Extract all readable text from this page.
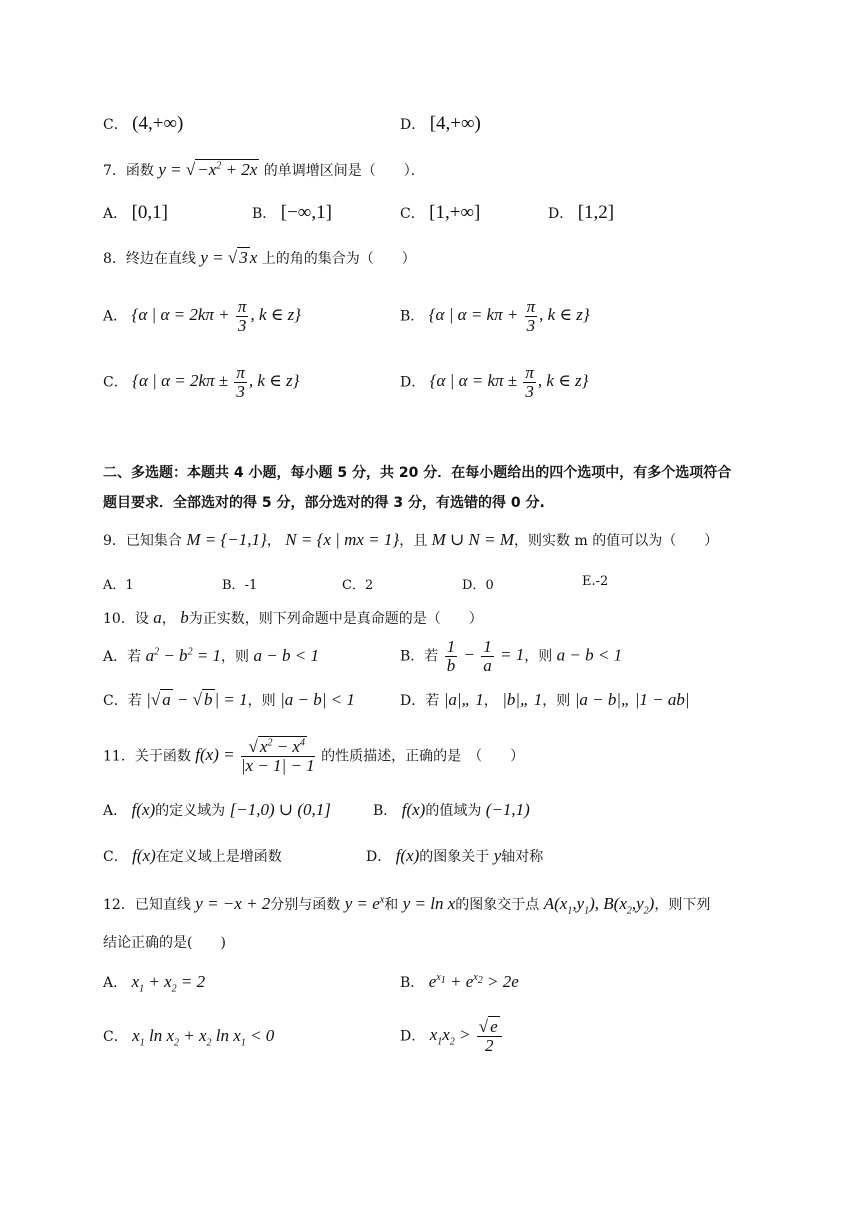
C． (4,+∞)	D． [4,+∞)
7．函数 y = √ $-x^2 + 2x$ 的单调增区间是（　　）．
A． [0,1]	B． [−∞,1]	C． [1,+∞]	D． [1,2]
8．终边在直线 y = √ 3 x 上的角的集合为（　　）
A． {α | $\alpha = 2k\pi + \frac{\pi}{3}$ , k ∈ z}	B． {α | $\alpha = k\pi + \frac{\pi}{3}$ , k ∈ z}
C． {α | $\alpha = 2k\pi \pm \frac{\pi}{3}$ , k ∈ z}	D． {α | $\alpha = k\pi \pm \frac{\pi}{3}$ , k ∈ z}
二、多选题：本题共 4 小题，每小题 5 分，共 20 分．在每小题给出的四个选项中，有多个选项符合
题目要求．全部选对的得 5 分，部分选对的得 3 分，有选错的得 0 分.
9．已知集合 M = {−1,1}， N = {x | mx = 1}，且 M ∪ N = M，则实数 m 的值可以为（　　）
A．1	B．-1	C．2	D．0	E.-2
10．设 a， b为正实数，则下列命题中是真命题的是（　　）
A．若 $a^2 - b^2 = 1$，则 a − b < 1	B．若 $\frac{1}{b} - \frac{1}{a} = 1$，则 a − b < 1
C．若 |√ a − √ b | = 1，则 |a − b| < 1	D．若 |a|„ 1， |b|„ 1，则 |a − b|„ |1 − ab|
11．关于函数 $f(x) = \frac{√ x^2 - x^4}{|x - 1| - 1}$ 的性质描述，正确的是　（　　）
A． f(x)的定义域为 [−1,0) ∪ (0,1]	B． f(x)的值域为 (−1,1)
C． f(x)在定义域上是增函数	D． f(x)的图象关于 y轴对称
12．已知直线 y = −x + 2分别与函数 $y = e^x$和 y = ln x的图象交于点 $A(x_1,y_1)$, $B(x_2,y_2)$，则下列
结论正确的是(　　)
A． $x_1 + x_2 = 2$	B． $e^{x_1} + e^{x_2} > 2e$
C． $x_1$ $\ln x_2 + x_2$ $\ln x_1 < 0$	D． $x_1x_2 > \frac{√ e}{2}$
